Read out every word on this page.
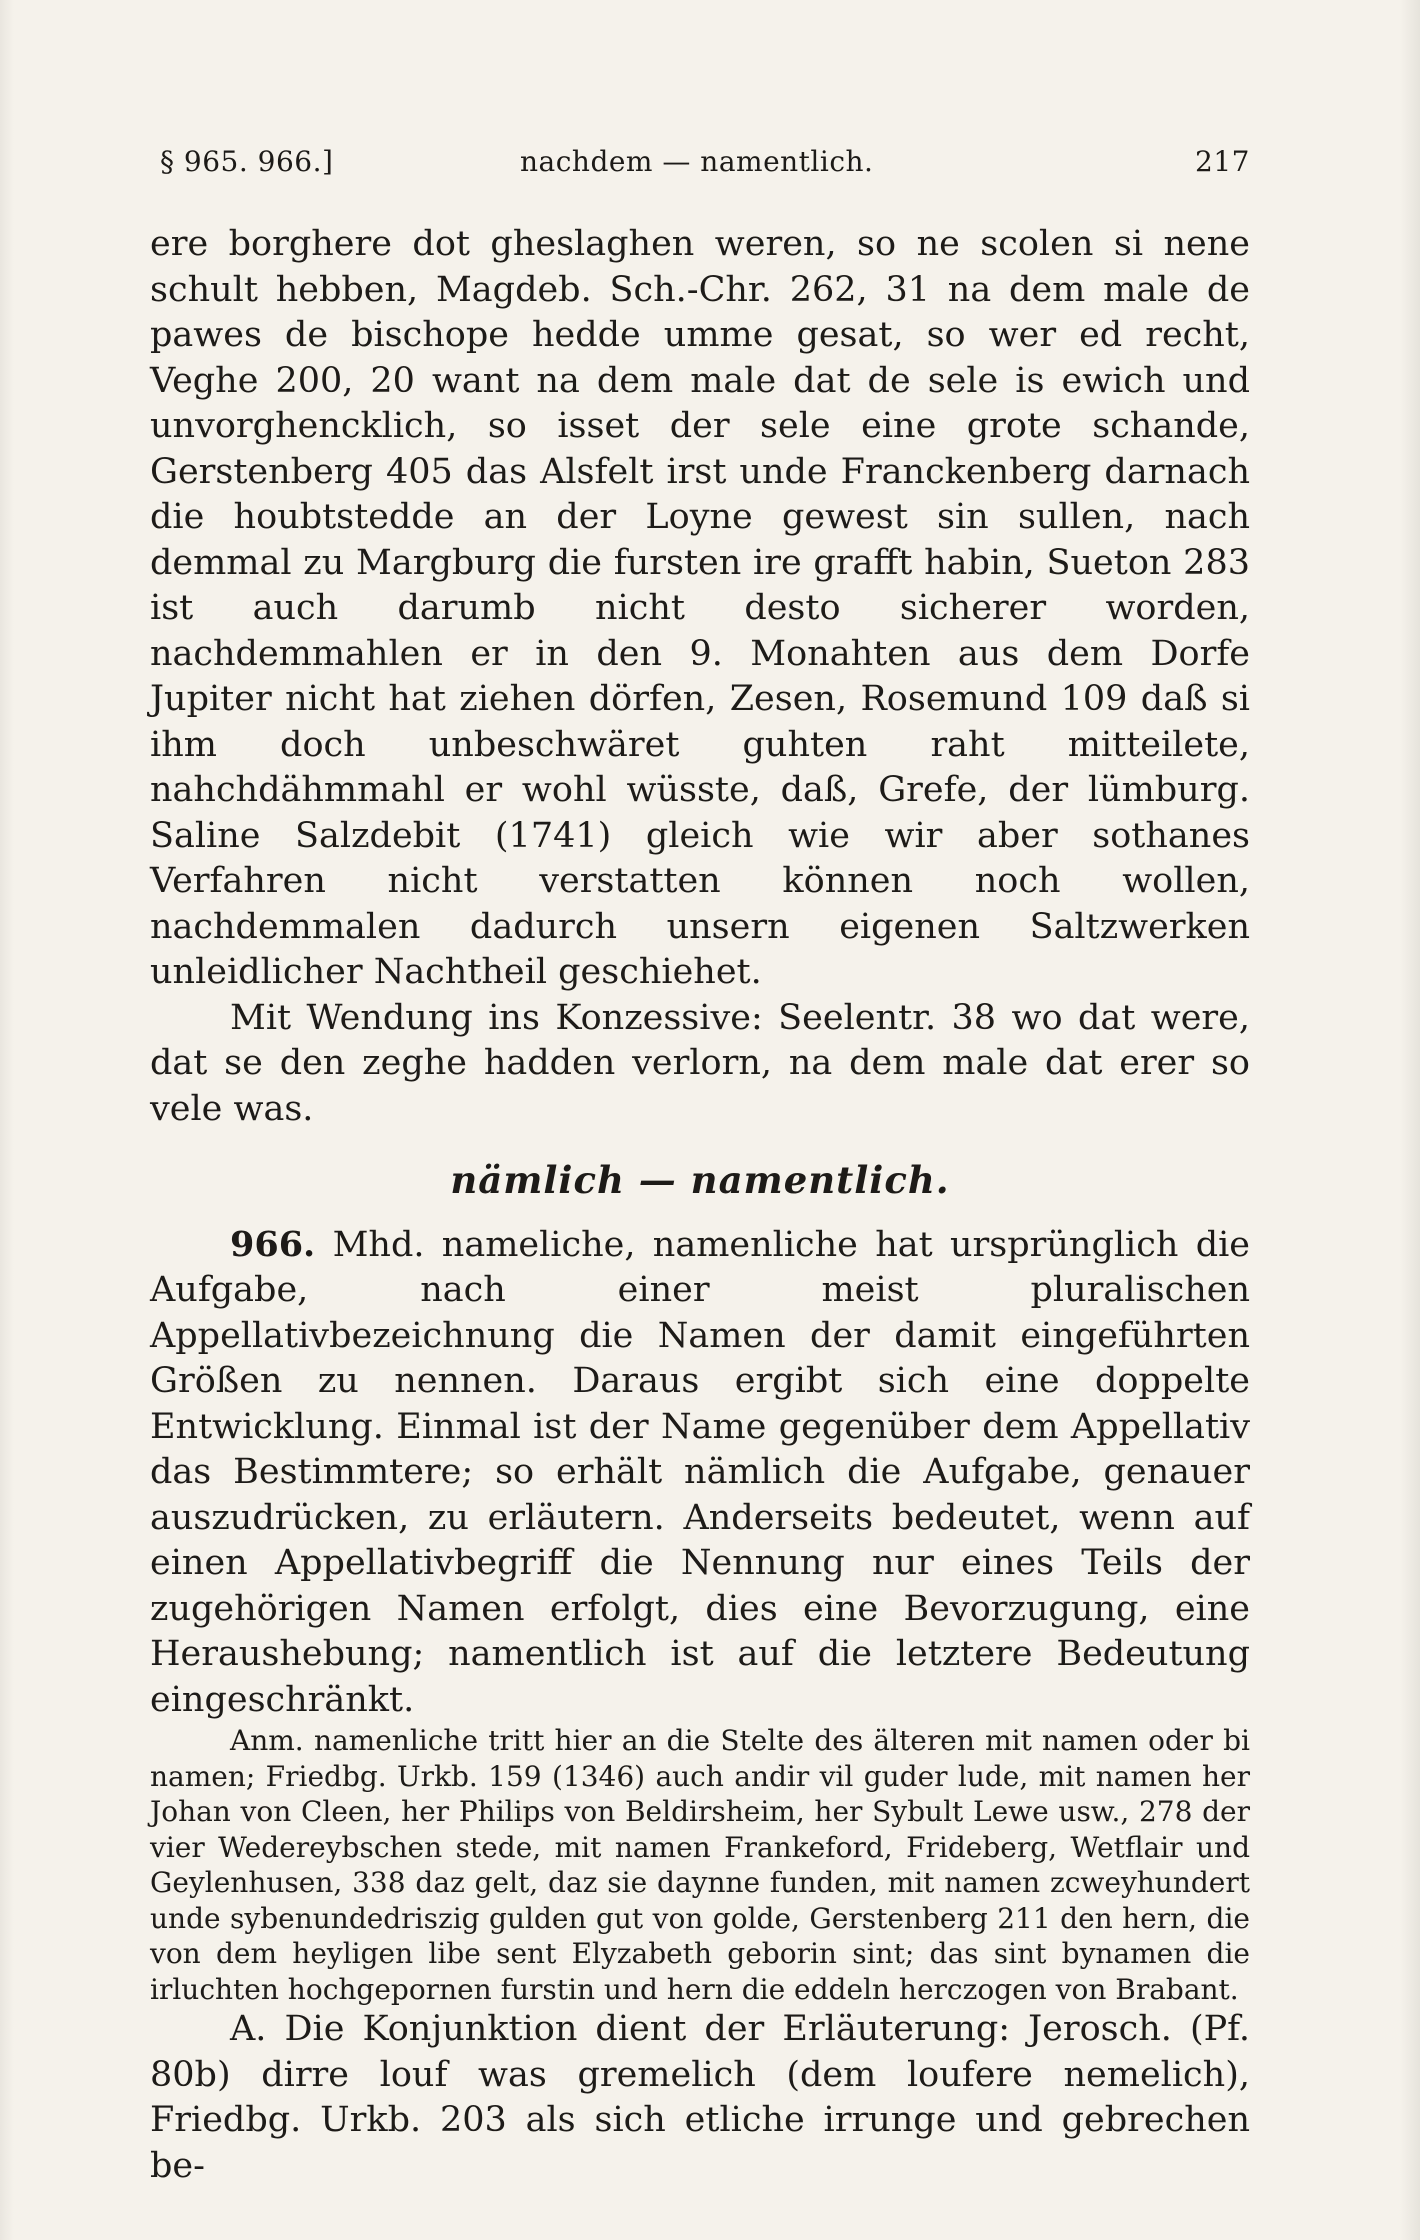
§ 965. 966.]	nachdem — namentlich.	217

ere borghere dot gheslaghen weren, so ne scolen si nene schult hebben, Magdeb. Sch.-Chr. 262, 31 na dem male de pawes de bischope hedde umme gesat, so wer ed recht, Veghe 200, 20 want na dem male dat de sele is ewich und unvorghencklich, so isset der sele eine grote schande, Gerstenberg 405 das Alsfelt irst unde Franckenberg darnach die houbtstedde an der Loyne gewest sin sullen, nach demmal zu Margburg die fursten ire grafft habin, Sueton 283 ist auch darumb nicht desto sicherer worden, nachdemmahlen er in den 9. Monahten aus dem Dorfe Jupiter nicht hat ziehen dörfen, Zesen, Rosemund 109 daß si ihm doch unbeschwäret guhten raht mitteilete, nahchdähmmahl er wohl wüsste, daß, Grefe, der lümburg. Saline Salzdebit (1741) gleich wie wir aber sothanes Verfahren nicht verstatten können noch wollen, nachdemmalen dadurch unsern eigenen Saltzwerken unleidlicher Nachtheil geschiehet.

Mit Wendung ins Konzessive: Seelentr. 38 wo dat were, dat se den zeghe hadden verlorn, na dem male dat erer so vele was.

nämlich — namentlich.

966. Mhd. nameliche, namenliche hat ursprünglich die Aufgabe, nach einer meist pluralischen Appellativbezeichnung die Namen der damit eingeführten Größen zu nennen. Daraus ergibt sich eine doppelte Entwicklung. Einmal ist der Name gegenüber dem Appellativ das Bestimmtere; so erhält nämlich die Aufgabe, genauer auszudrücken, zu erläutern. Anderseits bedeutet, wenn auf einen Appellativbegriff die Nennung nur eines Teils der zugehörigen Namen erfolgt, dies eine Bevorzugung, eine Heraushebung; namentlich ist auf die letztere Bedeutung eingeschränkt.

Anm. namenliche tritt hier an die Stelte des älteren mit namen oder bi namen; Friedbg. Urkb. 159 (1346) auch andir vil guder lude, mit namen her Johan von Cleen, her Philips von Beldirsheim, her Sybult Lewe usw., 278 der vier Wedereybschen stede, mit namen Frankeford, Frideberg, Wetflair und Geylenhusen, 338 daz gelt, daz sie daynne funden, mit namen zcweyhundert unde sybenundedriszig gulden gut von golde, Gerstenberg 211 den hern, die von dem heyligen libe sent Elyzabeth geborin sint; das sint bynamen die irluchten hochgepornen furstin und hern die eddeln herczogen von Brabant.

A. Die Konjunktion dient der Erläuterung: Jerosch. (Pf. 80b) dirre louf was gremelich (dem loufere nemelich), Friedbg. Urkb. 203 als sich etliche irrunge und gebrechen be-
